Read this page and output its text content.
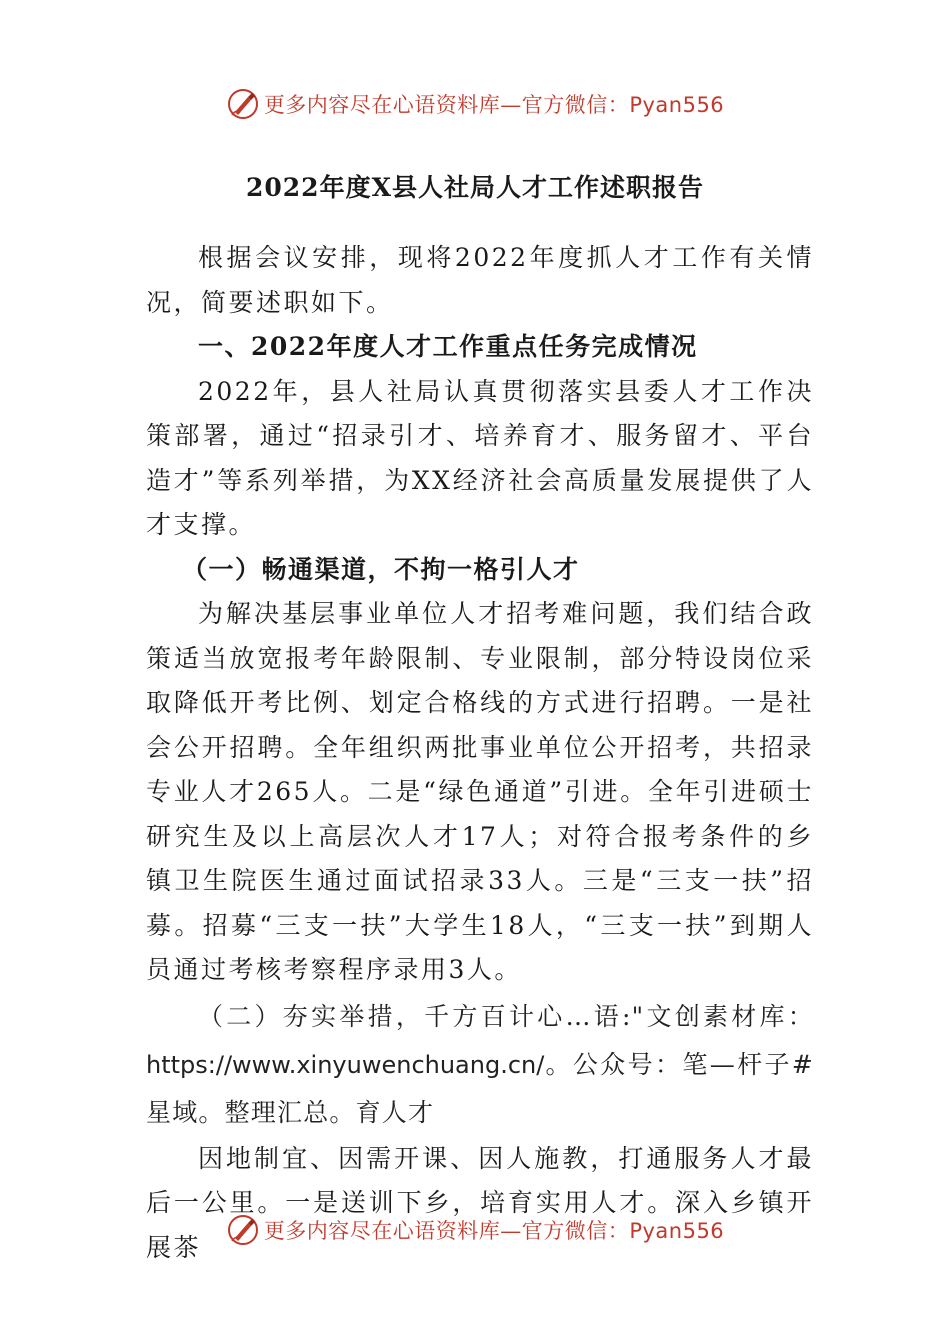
更多内容尽在心语资料库—官方微信：Pyan556
2022年度X县人社局人才工作述职报告

根据会议安排，现将2022年度抓人才工作有关情况，简要述职如下。

一、2022年度人才工作重点任务完成情况

2022年，县人社局认真贯彻落实县委人才工作决策部署，通过“招录引才、培养育才、服务留才、平台造才”等系列举措，为XX经济社会高质量发展提供了人才支撑。

（一）畅通渠道，不拘一格引人才

为解决基层事业单位人才招考难问题，我们结合政策适当放宽报考年龄限制、专业限制，部分特设岗位采取降低开考比例、划定合格线的方式进行招聘。一是社会公开招聘。全年组织两批事业单位公开招考，共招录专业人才265人。二是“绿色通道”引进。全年引进硕士研究生及以上高层次人才17人；对符合报考条件的乡镇卫生院医生通过面试招录33人。三是“三支一扶”招募。招募“三支一扶”大学生18人，“三支一扶”到期人员通过考核考察程序录用3人。

（二）夯实举措，千方百计心…语:"文创素材库：https://www.xinyuwenchuang.cn/。公众号：笔—杆子#星域。整理汇总。育人才

因地制宜、因需开课、因人施教，打通服务人才最后一公里。一是送训下乡，培育实用人才。深入乡镇开展茶

更多内容尽在心语资料库—官方微信：Pyan556
